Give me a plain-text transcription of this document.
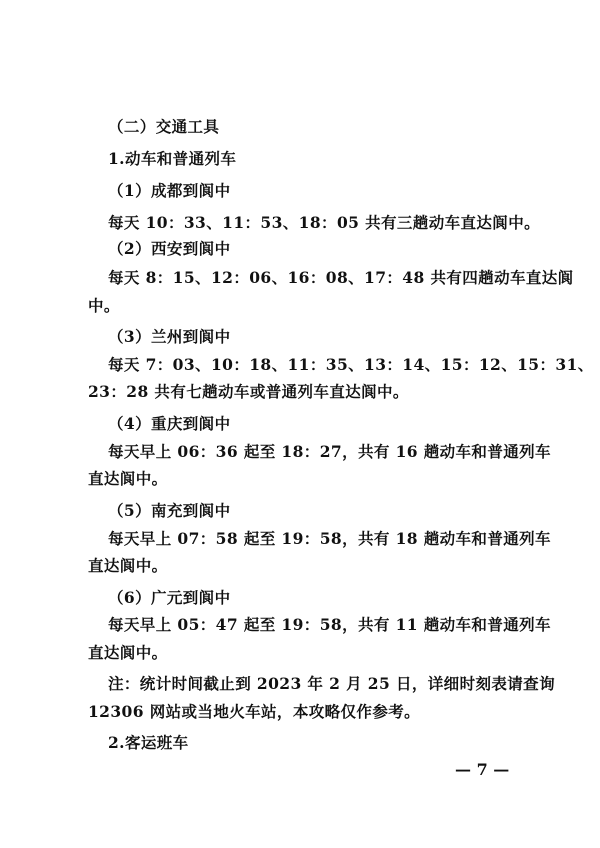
（二）交通工具
1.动车和普通列车
（1）成都到阆中
每天 10：33、11：53、18：05 共有三趟动车直达阆中。
（2）西安到阆中
每天 8：15、12：06、16：08、17：48 共有四趟动车直达阆
中。
（3）兰州到阆中
每天 7：03、10：18、11：35、13：14、15：12、15：31、
23：28 共有七趟动车或普通列车直达阆中。
（4）重庆到阆中
每天早上 06：36 起至 18：27，共有 16 趟动车和普通列车
直达阆中。
（5）南充到阆中
每天早上 07：58 起至 19：58，共有 18 趟动车和普通列车
直达阆中。
（6）广元到阆中
每天早上 05：47 起至 19：58，共有 11 趟动车和普通列车
直达阆中。
注：统计时间截止到 2023 年 2 月 25 日，详细时刻表请查询
12306 网站或当地火车站，本攻略仅作参考。
2.客运班车
— 7 —
